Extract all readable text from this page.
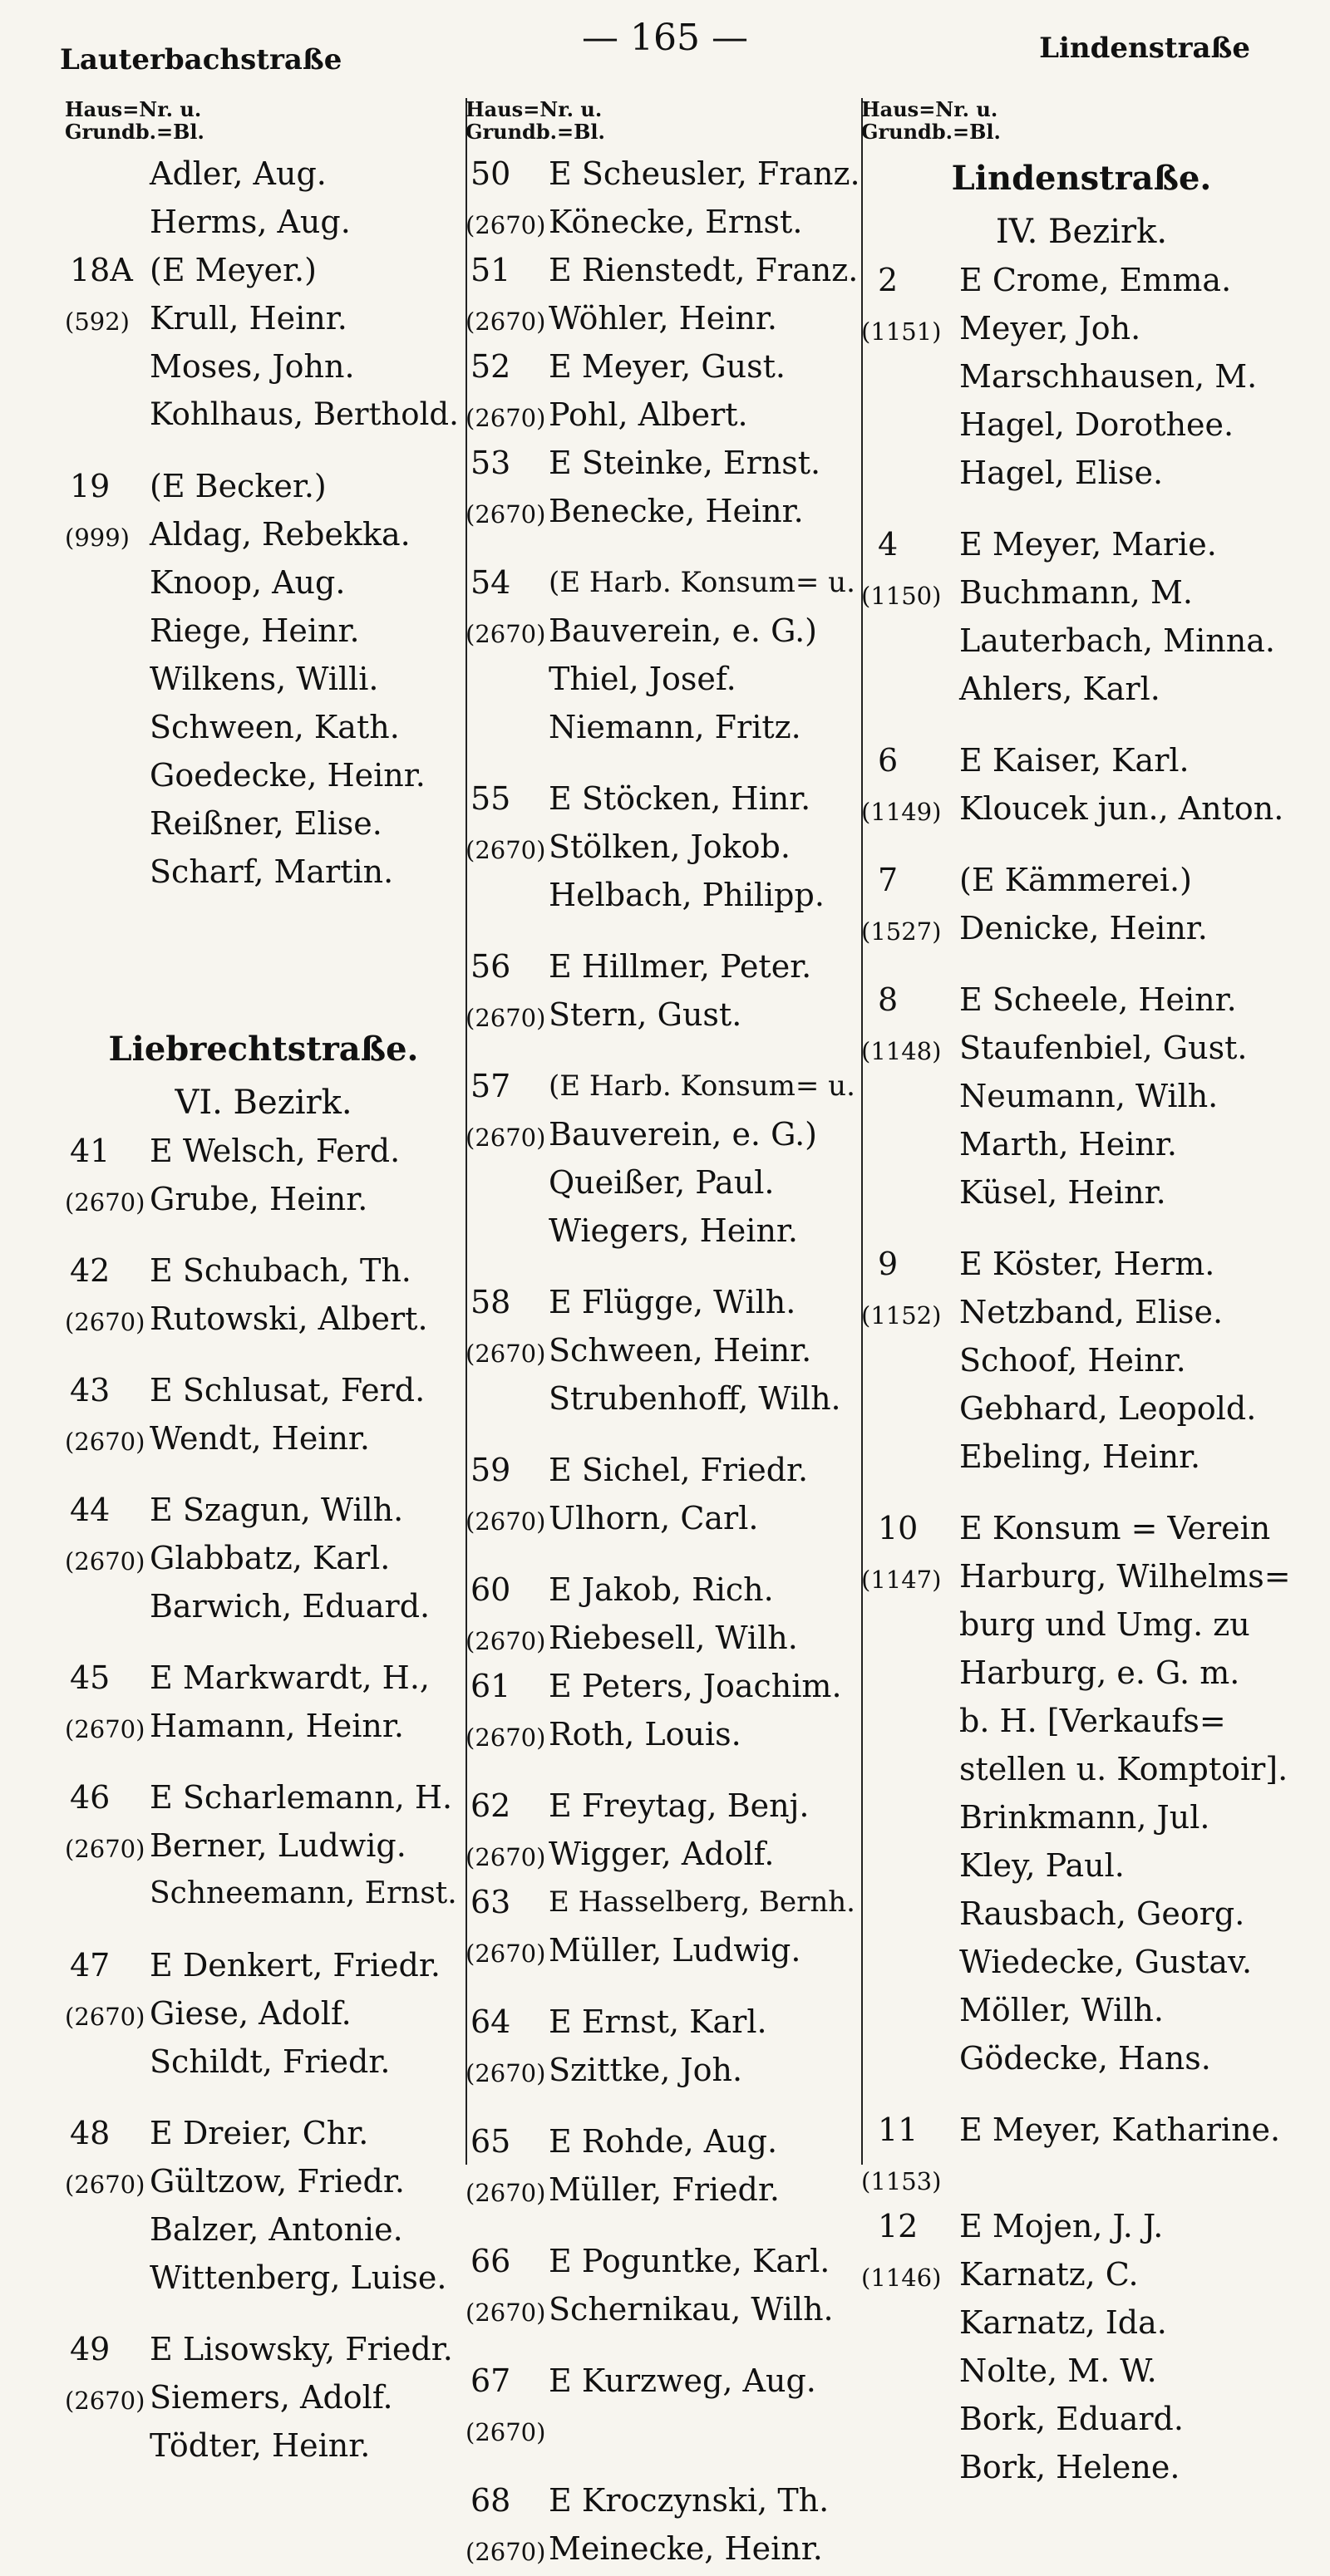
Lauterbachstraße
— 165 —	Lindenstraße
Haus=Nr. u.
Grundb.=Bl.
Adler, Aug.
Herms, Aug.
18A (E Meyer.)
(592) Krull, Heinr.
Moses, John.
Kohlhaus, Berthold.
19 (E Becker.)
(999) Aldag, Rebekka.
Knoop, Aug.
Riege, Heinr.
Wilkens, Willi.
Schween, Kath.
Goedecke, Heinr.
Reißner, Elise.
Scharf, Martin.
Liebrechtstraße.
VI. Bezirk.
41 E Welsch, Ferd.
(2670) Grube, Heinr.
42 E Schubach, Th.
(2670) Rutowski, Albert.
43 E Schlusat, Ferd.
(2670) Wendt, Heinr.
44 E Szagun, Wilh.
(2670) Glabbatz, Karl.
Barwich, Eduard.
45 E Markwardt, H.,
(2670) Hamann, Heinr.
46 E Scharlemann, H.
(2670) Berner, Ludwig.
Schneemann, Ernst.
47 E Denkert, Friedr.
(2670) Giese, Adolf.
Schildt, Friedr.
48 E Dreier, Chr.
(2670) Gültzow, Friedr.
Balzer, Antonie.
Wittenberg, Luise.
49 E Lisowsky, Friedr.
(2670) Siemers, Adolf.
Tödter, Heinr.
Haus=Nr. u.
Grundb.=Bl.
50 E Scheusler, Franz.
(2670) Könecke, Ernst.
51 E Rienstedt, Franz.
(2670) Wöhler, Heinr.
52 E Meyer, Gust.
(2670) Pohl, Albert.
53 E Steinke, Ernst.
(2670) Benecke, Heinr.
54 (E Harb. Konsum= u.
(2670) Bauverein, e. G.)
Thiel, Josef.
Niemann, Fritz.
55 E Stöcken, Hinr.
(2670) Stölken, Jokob.
Helbach, Philipp.
56 E Hillmer, Peter.
(2670) Stern, Gust.
57 (E Harb. Konsum= u.
(2670) Bauverein, e. G.)
Queißer, Paul.
Wiegers, Heinr.
58 E Flügge, Wilh.
(2670) Schween, Heinr.
Strubenhoff, Wilh.
59 E Sichel, Friedr.
(2670) Ulhorn, Carl.
60 E Jakob, Rich.
(2670) Riebesell, Wilh.
61 E Peters, Joachim.
(2670) Roth, Louis.
62 E Freytag, Benj.
(2670) Wigger, Adolf.
63 E Hasselberg, Bernh.
(2670) Müller, Ludwig.
64 E Ernst, Karl.
(2670) Szittke, Joh.
65 E Rohde, Aug.
(2670) Müller, Friedr.
66 E Poguntke, Karl.
(2670) Schernikau, Wilh.
67 E Kurzweg, Aug.
(2670)
68 E Kroczynski, Th.
(2670) Meinecke, Heinr.
Haus=Nr. u.
Grundb.=Bl.
Lindenstraße.
IV. Bezirk.
2 E Crome, Emma.
(1151) Meyer, Joh.
Marschhausen, M.
Hagel, Dorothee.
Hagel, Elise.
4 E Meyer, Marie.
(1150) Buchmann, M.
Lauterbach, Minna.
Ahlers, Karl.
6 E Kaiser, Karl.
(1149) Kloucek jun., Anton.
7 (E Kämmerei.)
(1527) Denicke, Heinr.
8 E Scheele, Heinr.
(1148) Staufenbiel, Gust.
Neumann, Wilh.
Marth, Heinr.
Küsel, Heinr.
9 E Köster, Herm.
(1152) Netzband, Elise.
Schoof, Heinr.
Gebhard, Leopold.
Ebeling, Heinr.
10 E Konsum = Verein
(1147) Harburg, Wilhelms=
burg und Umg. zu
Harburg, e. G. m.
b. H. [Verkaufs=
stellen u. Komptoir].
Brinkmann, Jul.
Kley, Paul.
Rausbach, Georg.
Wiedecke, Gustav.
Möller, Wilh.
Gödecke, Hans.
11 E Meyer, Katharine.
(1153)
12 E Mojen, J. J.
(1146) Karnatz, C.
Karnatz, Ida.
Nolte, M. W.
Bork, Eduard.
Bork, Helene.
